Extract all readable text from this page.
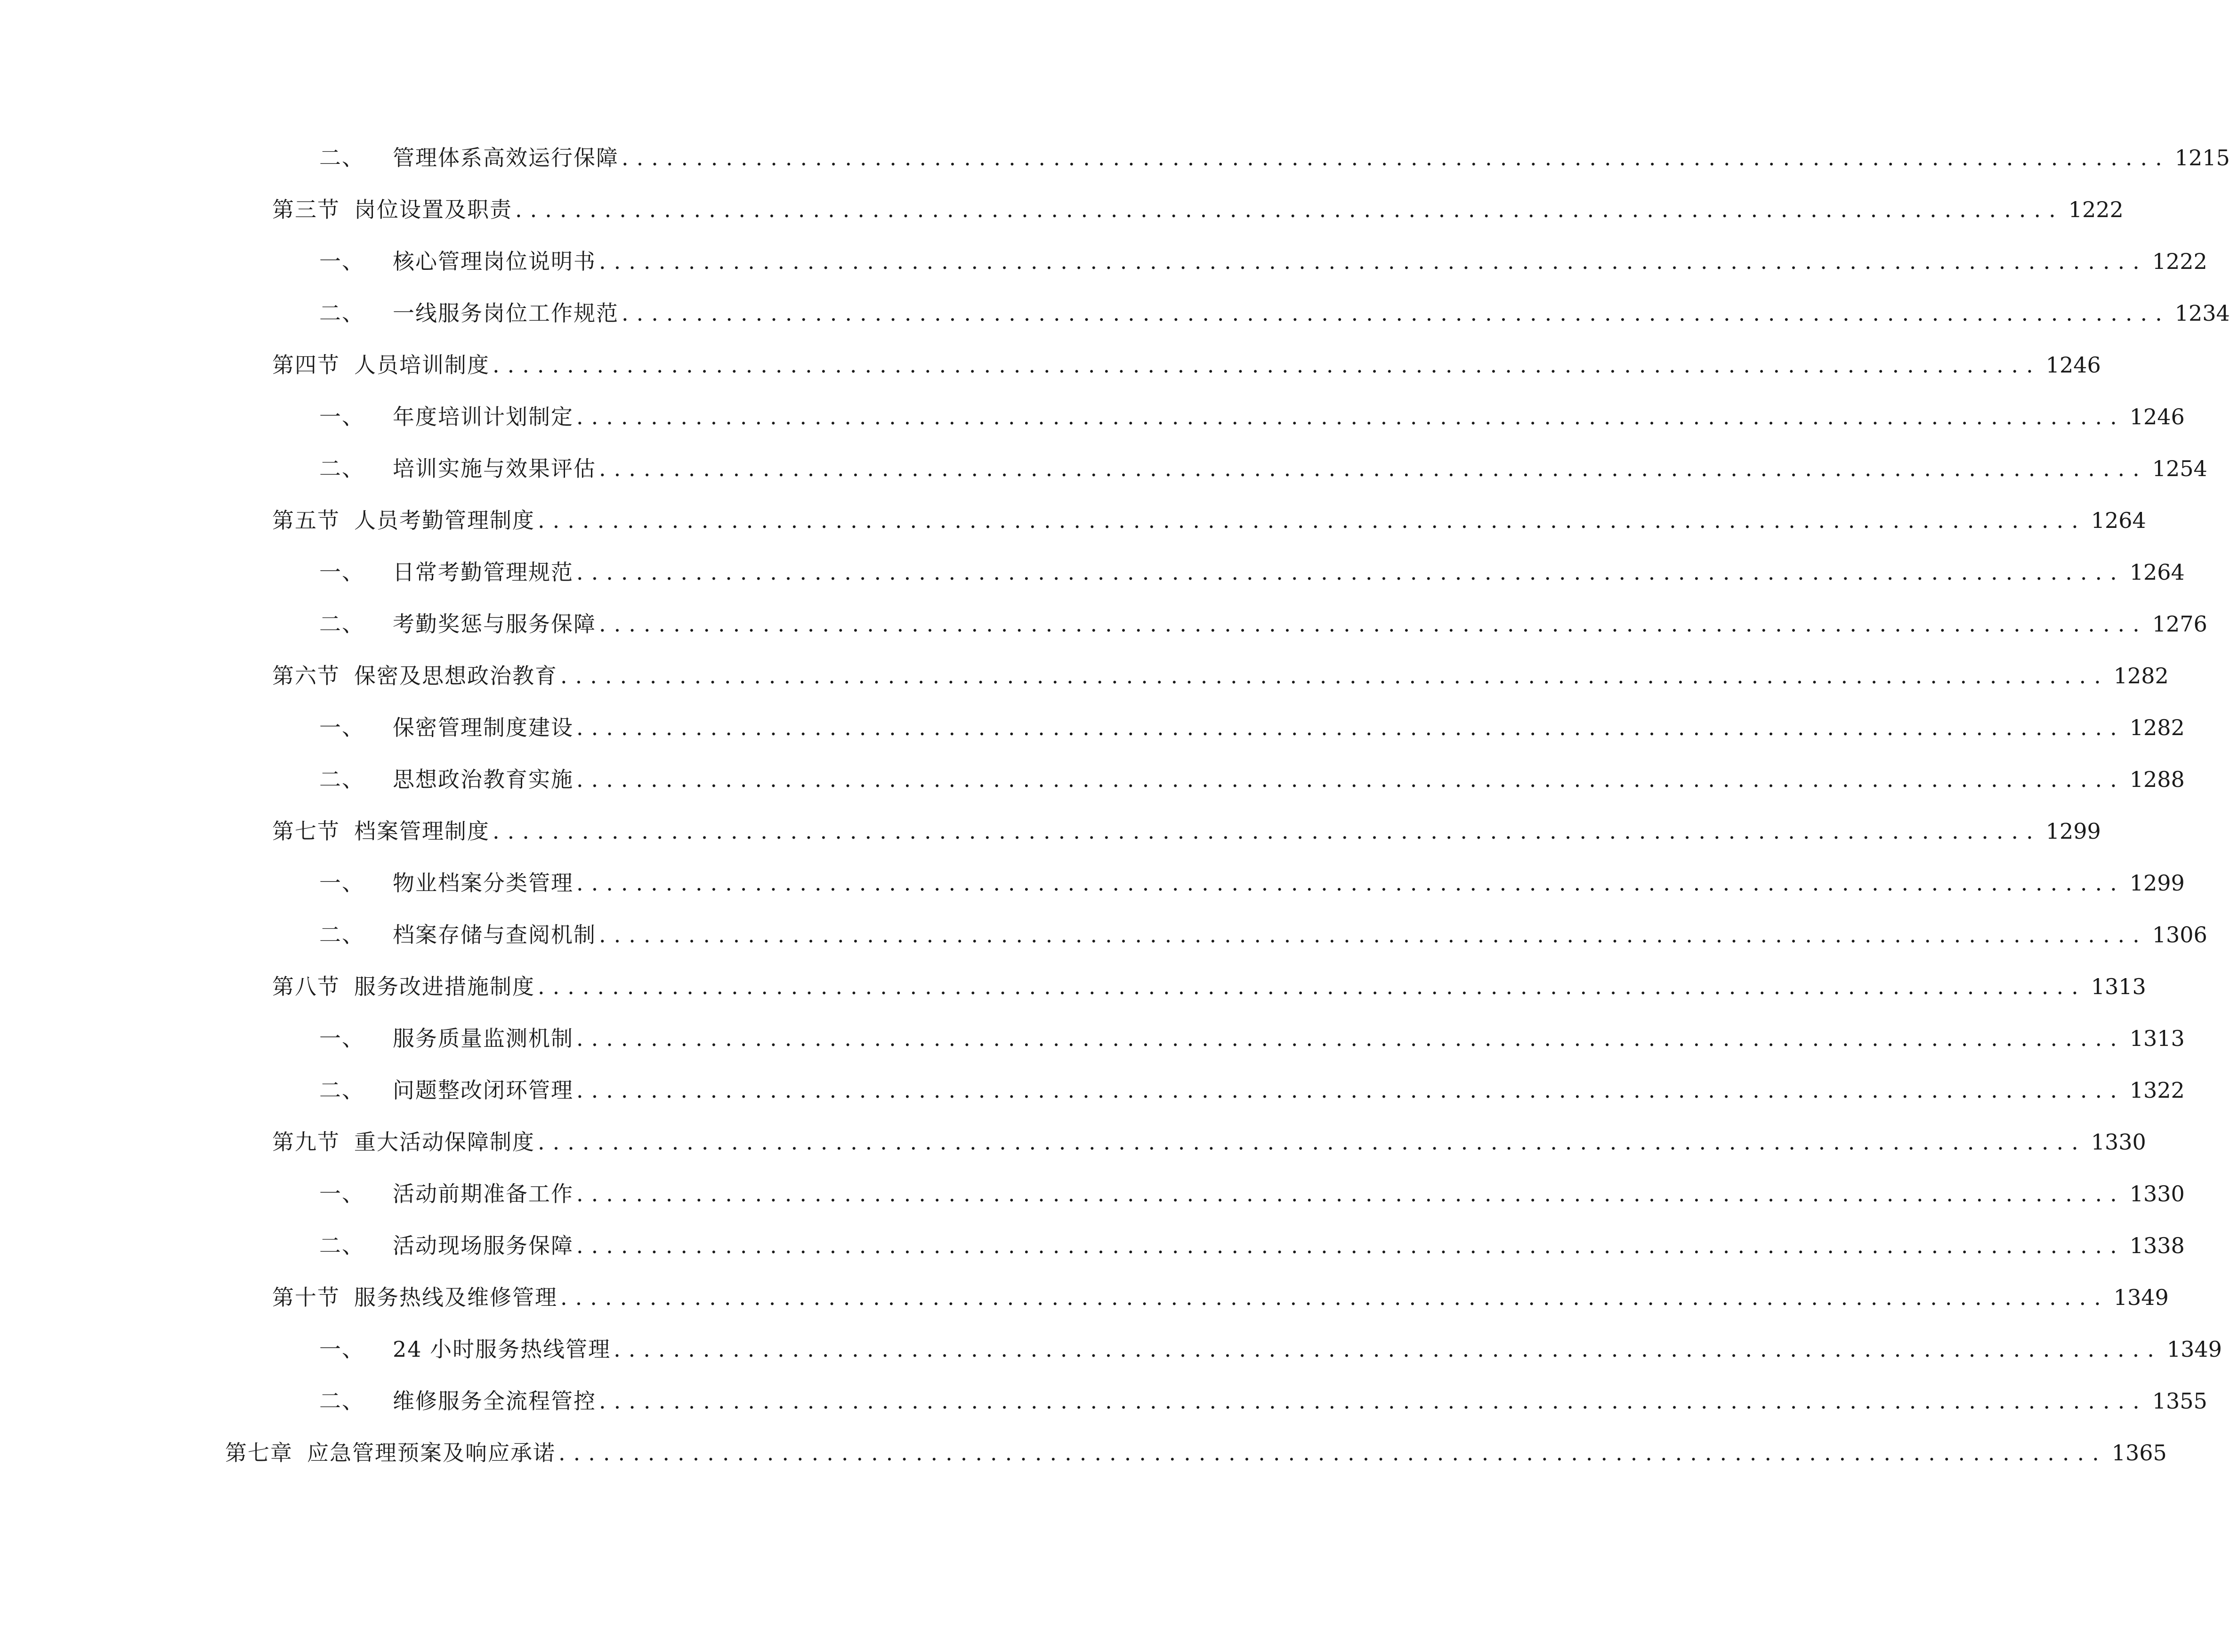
二、 管理体系高效运行保障 ........................................................................................................ 1215
第三节 岗位设置及职责 ........................................................................................................ 1222
一、 核心管理岗位说明书 ........................................................................................................ 1222
二、 一线服务岗位工作规范 ........................................................................................................ 1234
第四节 人员培训制度 ........................................................................................................ 1246
一、 年度培训计划制定 ........................................................................................................ 1246
二、 培训实施与效果评估 ........................................................................................................ 1254
第五节 人员考勤管理制度 ........................................................................................................ 1264
一、 日常考勤管理规范 ........................................................................................................ 1264
二、 考勤奖惩与服务保障 ........................................................................................................ 1276
第六节 保密及思想政治教育 ........................................................................................................ 1282
一、 保密管理制度建设 ........................................................................................................ 1282
二、 思想政治教育实施 ........................................................................................................ 1288
第七节 档案管理制度 ........................................................................................................ 1299
一、 物业档案分类管理 ........................................................................................................ 1299
二、 档案存储与查阅机制 ........................................................................................................ 1306
第八节 服务改进措施制度 ........................................................................................................ 1313
一、 服务质量监测机制 ........................................................................................................ 1313
二、 问题整改闭环管理 ........................................................................................................ 1322
第九节 重大活动保障制度 ........................................................................................................ 1330
一、 活动前期准备工作 ........................................................................................................ 1330
二、 活动现场服务保障 ........................................................................................................ 1338
第十节 服务热线及维修管理 ........................................................................................................ 1349
一、 24 小时服务热线管理 ........................................................................................................ 1349
二、 维修服务全流程管控 ........................................................................................................ 1355
第七章 应急管理预案及响应承诺 ........................................................................................................ 1365
